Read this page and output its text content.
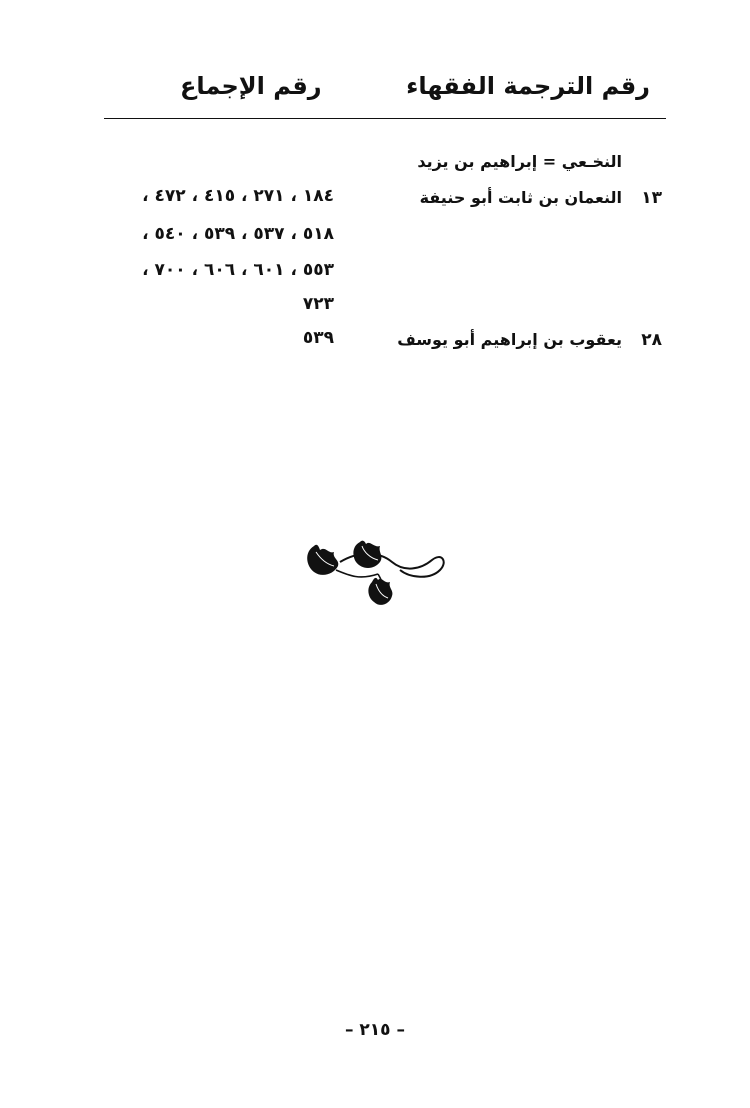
رقم الترجمة الفقهاء
رقم الإجماع
النخـعي = إبراهيم بن يزيد
١٣النعمان بن ثابت أبو حنيفة
١٨٤ ، ٢٧١ ، ٤١٥ ، ٤٧٢ ،
٥١٨ ، ٥٣٧ ، ٥٣٩ ، ٥٤٠ ،
٥٥٣ ، ٦٠١ ، ٦٠٦ ، ٧٠٠ ،
٧٢٣
٢٨يعقوب بن إبراهيم أبو يوسف
٥٣٩
– ٢١٥ –
